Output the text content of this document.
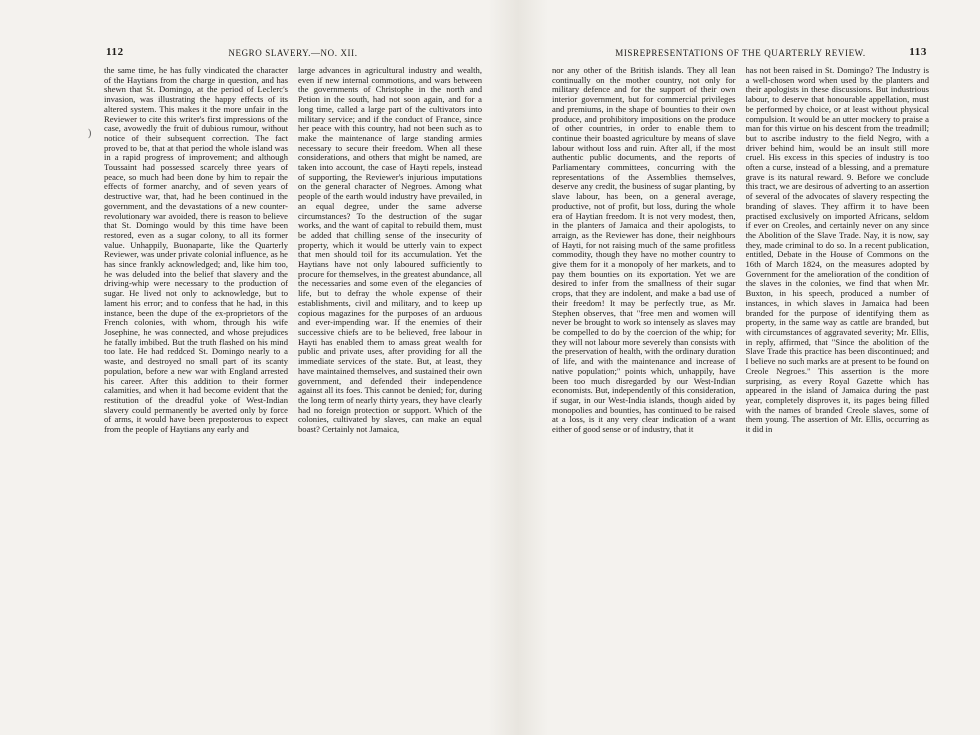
)
112	NEGRO SLAVERY.—NO. XII.

the same time, he has fully vindicated the character of the Haytians from the charge in question, and has shewn that St. Domingo, at the period of Leclerc's invasion, was illustrating the happy effects of its altered system. This makes it the more unfair in the Reviewer to cite this writer's first impressions of the case, avowedly the fruit of dubious rumour, without notice of their subsequent correction. The fact proved to be, that at that period the whole island was in a rapid progress of improvement; and although Toussaint had possessed scarcely three years of peace, so much had been done by him to repair the effects of former anarchy, and of seven years of destructive war, that, had he been continued in the government, and the devastations of a new counter-revolutionary war avoided, there is reason to believe that St. Domingo would by this time have been restored, even as a sugar colony, to all its former value. Unhappily, Buonaparte, like the Quarterly Reviewer, was under private colonial influence, as he has since frankly acknowledged; and, like him too, he was deluded into the belief that slavery and the driving-whip were necessary to the production of sugar. He lived not only to acknowledge, but to lament his error; and to confess that he had, in this instance, been the dupe of the ex-proprietors of the French colonies, with whom, through his wife Josephine, he was connected, and whose prejudices he fatally imbibed. But the truth flashed on his mind too late. He had reddced St. Domingo nearly to a waste, and destroyed no small part of its scanty population, before a new war with England arrested his career. After this addition to their former calamities, and when it had become evident that the restitution of the dreadful yoke of West-Indian slavery could permanently be averted only by force of arms, it would have been preposterous to expect from the people of Haytians any early and

large advances in agricultural industry and wealth, even if new internal commotions, and wars between the governments of Christophe in the north and Petion in the south, had not soon again, and for a long time, called a large part of the cultivators into military service; and if the conduct of France, since her peace with this country, had not been such as to make the maintenance of large standing armies necessary to secure their freedom. When all these considerations, and others that might be named, are taken into account, the case of Hayti repels, instead of supporting, the Reviewer's injurious imputations on the general character of Negroes. Among what people of the earth would industry have prevailed, in an equal degree, under the same adverse circumstances? To the destruction of the sugar works, and the want of capital to rebuild them, must be added that chilling sense of the insecurity of property, which it would be utterly vain to expect that men should toil for its accumulation. Yet the Haytians have not only laboured sufficiently to procure for themselves, in the greatest abundance, all the necessaries and some even of the elegancies of life, but to defray the whole expense of their establishments, civil and military, and to keep up copious magazines for the purposes of an arduous and ever-impending war. If the enemies of their successive chiefs are to be believed, free labour in Hayti has enabled them to amass great wealth for public and private uses, after providing for all the immediate services of the state. But, at least, they have maintained themselves, and sustained their own government, and defended their independence against all its foes. This cannot be denied; for, during the long term of nearly thirty years, they have clearly had no foreign protection or support. Which of the colonies, cultivated by slaves, can make an equal boast? Certainly not Jamaica,

MISREPRESENTATIONS OF THE QUARTERLY REVIEW.	113

nor any other of the British islands. They all lean continually on the mother country, not only for military defence and for the support of their own interior government, but for commercial privileges and premiums, in the shape of bounties to their own produce, and prohibitory impositions on the produce of other countries, in order to enable them to continue their boasted agriculture by means of slave labour without loss and ruin. After all, if the most authentic public documents, and the reports of Parliamentary committees, concurring with the representations of the Assemblies themselves, deserve any credit, the business of sugar planting, by slave labour, has been, on a general average, productive, not of profit, but loss, during the whole era of Haytian freedom. It is not very modest, then, in the planters of Jamaica and their apologists, to arraign, as the Reviewer has done, their neighbours of Hayti, for not raising much of the same profitless commodity, though they have no mother country to give them for it a monopoly of her markets, and to pay them bounties on its exportation. Yet we are desired to infer from the smallness of their sugar crops, that they are indolent, and make a bad use of their freedom! It may be perfectly true, as Mr. Stephen observes, that "free men and women will never be brought to work so intensely as slaves may be compelled to do by the coercion of the whip; for they will not labour more severely than consists with the preservation of health, with the ordinary duration of life, and with the maintenance and increase of native population;" points which, unhappily, have been too much disregarded by our West-Indian economists. But, independently of this consideration, if sugar, in our West-India islands, though aided by monopolies and bounties, has continued to be raised at a loss, is it any very clear indication of a want either of good sense or of industry, that it

has not been raised in St. Domingo? The Industry is a well-chosen word when used by the planters and their apologists in these discussions. But industrious labour, to deserve that honourable appellation, must be performed by choice, or at least without physical compulsion. It would be an utter mockery to praise a man for this virtue on his descent from the treadmill; but to ascribe industry to the field Negro, with a driver behind him, would be an insult still more cruel. His excess in this species of industry is too often a curse, instead of a blessing, and a premature grave is its natural reward. 9. Before we conclude this tract, we are desirous of adverting to an assertion of several of the advocates of slavery respecting the branding of slaves. They affirm it to have been practised exclusively on imported Africans, seldom if ever on Creoles, and certainly never on any since the Abolition of the Slave Trade. Nay, it is now, say they, made criminal to do so. In a recent publication, entitled, Debate in the House of Commons on the 16th of March 1824, on the measures adopted by Government for the amelioration of the condition of the slaves in the colonies, we find that when Mr. Buxton, in his speech, produced a number of instances, in which slaves in Jamaica had been branded for the purpose of identifying them as property, in the same way as cattle are branded, but with circumstances of aggravated severity; Mr. Ellis, in reply, affirmed, that "Since the abolition of the Slave Trade this practice has been discontinued; and I believe no such marks are at present to be found on Creole Negroes." This assertion is the more surprising, as every Royal Gazette which has appeared in the island of Jamaica during the past year, completely disproves it, its pages being filled with the names of branded Creole slaves, some of them young. The assertion of Mr. Ellis, occurring as it did in
